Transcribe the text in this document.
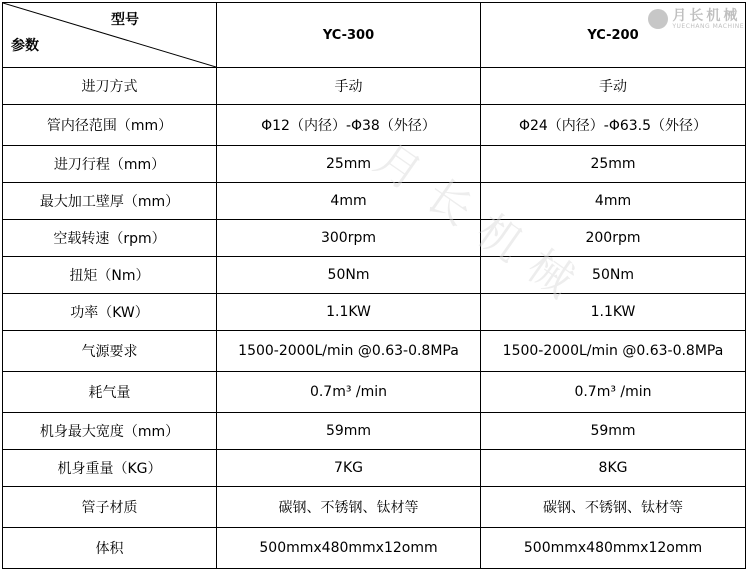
型号
参数	YC-300	YC-200
进刀方式	手动	手动
管内径范围（mm）	Φ12（内径）-Φ38（外径）	Φ24（内径）-Φ63.5（外径）
进刀行程（mm）	25mm	25mm
最大加工壁厚（mm）	4mm	4mm
空载转速（rpm）	300rpm	200rpm
扭矩（Nm）	50Nm	50Nm
功率（KW）	1.1KW	1.1KW
气源要求	1500-2000L/min @0.63-0.8MPa	1500-2000L/min @0.63-0.8MPa
耗气量	0.7m³ /min	0.7m³ /min
机身最大宽度（mm）	59mm	59mm
机身重量（KG）	7KG	8KG
管子材质	碳钢、不锈钢、钛材等	碳钢、不锈钢、钛材等
体积	500mmx480mmx12omm	500mmx480mmx12omm
月长机械
YUECHANG MACHINE
月长机械
